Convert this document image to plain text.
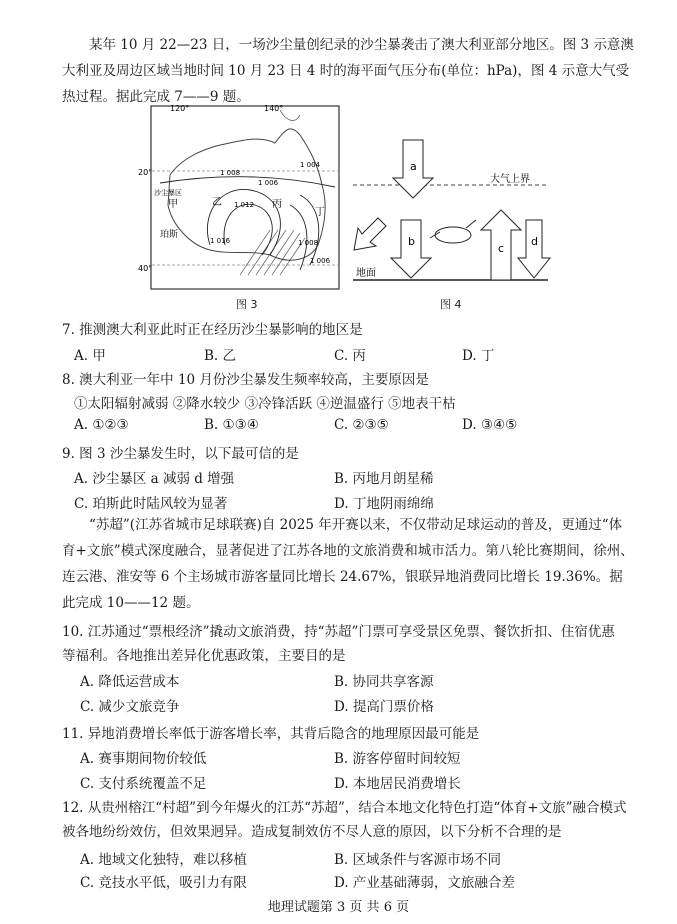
某年 10 月 22—23 日，一场沙尘量创纪录的沙尘暴袭击了澳大利亚部分地区。图 3 示意澳大利亚及周边区域当地时间 10 月 23 日 4 时的海平面气压分布(单位：hPa)，图 4 示意大气受热过程。据此完成 7——9 题。

120°	140°
20°
40°
1 008
1 006
1 004
1 012
1 016	1 008
1 006
甲	乙	丙
丁
珀斯
沙尘暴区
图 3
a
b
c
d
大气上界
地面
图 4
7. 推测澳大利亚此时正在经历沙尘暴影响的地区是
A. 甲	B. 乙	C. 丙	D. 丁
8. 澳大利亚一年中 10 月份沙尘暴发生频率较高，主要原因是
①太阳辐射减弱 ②降水较少 ③冷锋活跃 ④逆温盛行 ⑤地表干枯
A. ①②③	B. ①③④	C. ②③⑤	D. ③④⑤
9. 图 3 沙尘暴发生时，以下最可信的是
A. 沙尘暴区 a 减弱 d 增强	B. 丙地月朗星稀
C. 珀斯此时陆风较为显著	D. 丁地阴雨绵绵

“苏超”(江苏省城市足球联赛)自 2025 年开赛以来，不仅带动足球运动的普及，更通过“体育+文旅”模式深度融合，显著促进了江苏各地的文旅消费和城市活力。第八轮比赛期间，徐州、连云港、淮安等 6 个主场城市游客量同比增长 24.67%，银联异地消费同比增长 19.36%。据此完成 10——12 题。

10. 江苏通过“票根经济”撬动文旅消费，持“苏超”门票可享受景区免票、餐饮折扣、住宿优惠等福利。各地推出差异化优惠政策，主要目的是

A. 降低运营成本	B. 协同共享客源
C. 减少文旅竞争	D. 提高门票价格
11. 异地消费增长率低于游客增长率，其背后隐含的地理原因最可能是
A. 赛事期间物价较低	B. 游客停留时间较短
C. 支付系统覆盖不足	D. 本地居民消费增长

12. 从贵州榕江“村超”到今年爆火的江苏“苏超”，结合本地文化特色打造“体育+文旅”融合模式被各地纷纷效仿，但效果迥异。造成复制效仿不尽人意的原因，以下分析不合理的是

A. 地域文化独特，难以移植	B. 区域条件与客源市场不同
C. 竞技水平低，吸引力有限	D. 产业基础薄弱，文旅融合差
地理试题第 3 页 共 6 页
